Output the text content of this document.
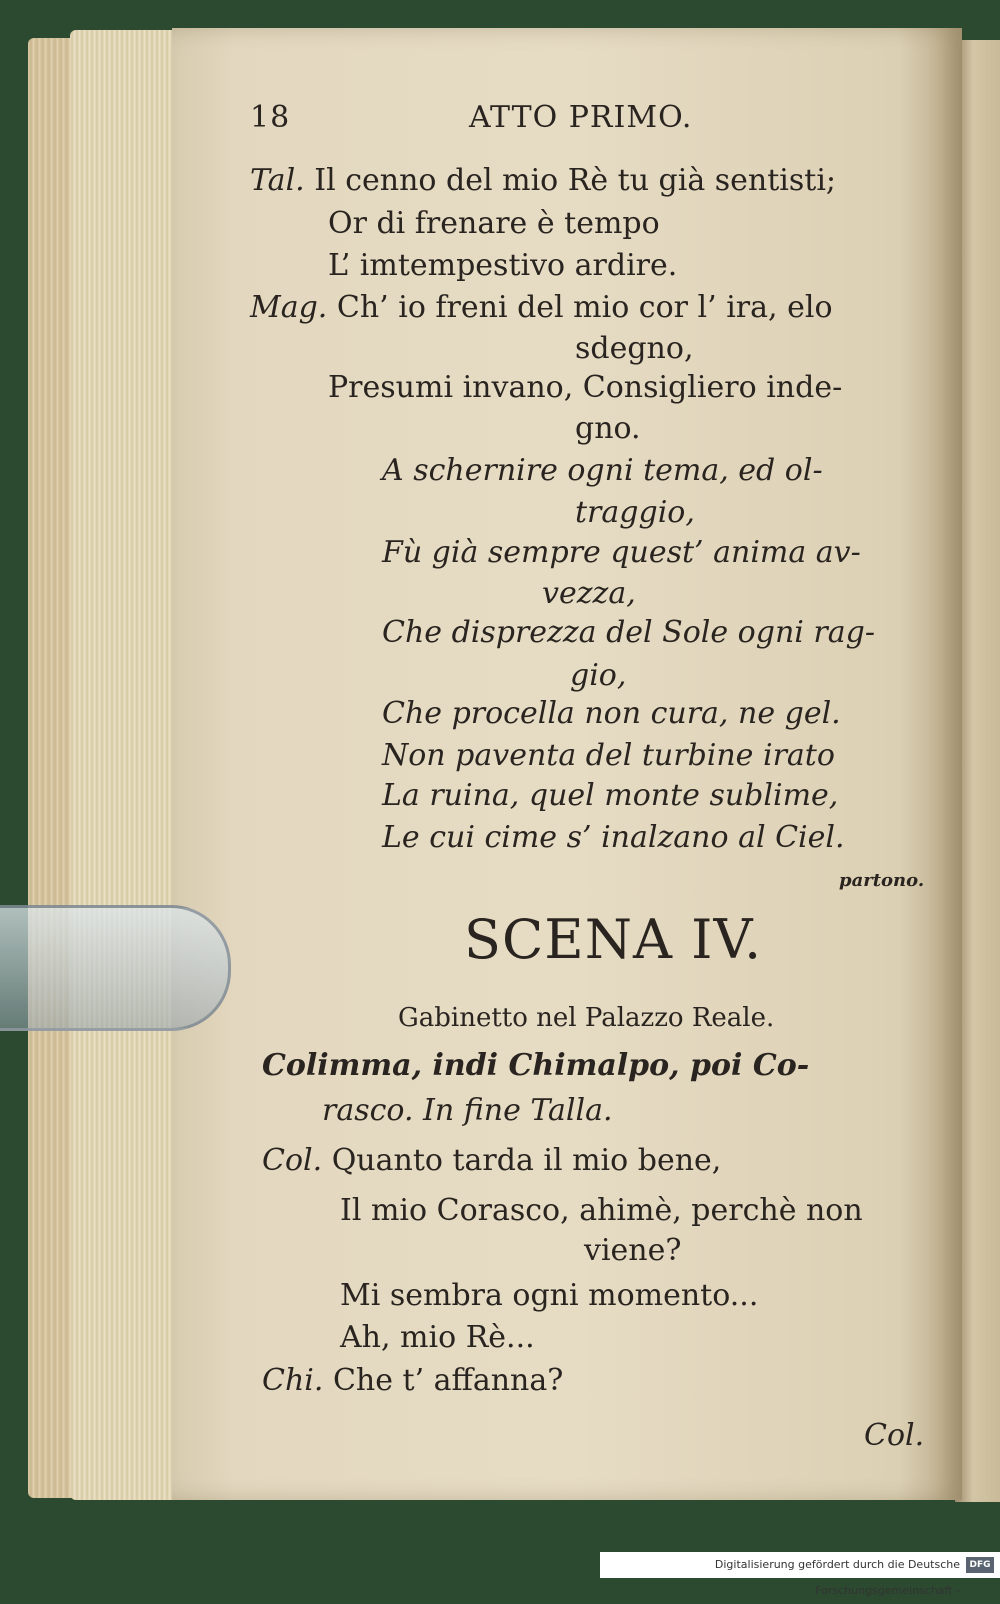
18	ATTO PRIMO.
Tal. Il cenno del mio Rè tu già sentisti;
Or di frenare è tempo
L’ imtempestivo ardire.
Mag. Ch’ io freni del mio cor l’ ira, elo
sdegno,
Presumi invano, Consigliero inde-
gno.
A schernire ogni tema, ed ol-
traggio,
Fù già sempre quest’ anima av-
vezza,
Che disprezza del Sole ogni rag-
gio,
Che procella non cura, ne gel.
Non paventa del turbine irato
La ruina, quel monte sublime,
Le cui cime s’ inalzano al Ciel.
partono.
SCENA IV.
Gabinetto nel Palazzo Reale.
Colimma, indi Chimalpo, poi Co-
rasco. In fine Talla.
Col. Quanto tarda il mio bene,
Il mio Corasco, ahimè, perchè non
viene?
Mi sembra ogni momento...
Ah, mio Rè...
Chi. Che t’ affanna?
Col.
Digitalisierung gefördert durch die Deutsche Forschungsgemeinschaft -
DFG
